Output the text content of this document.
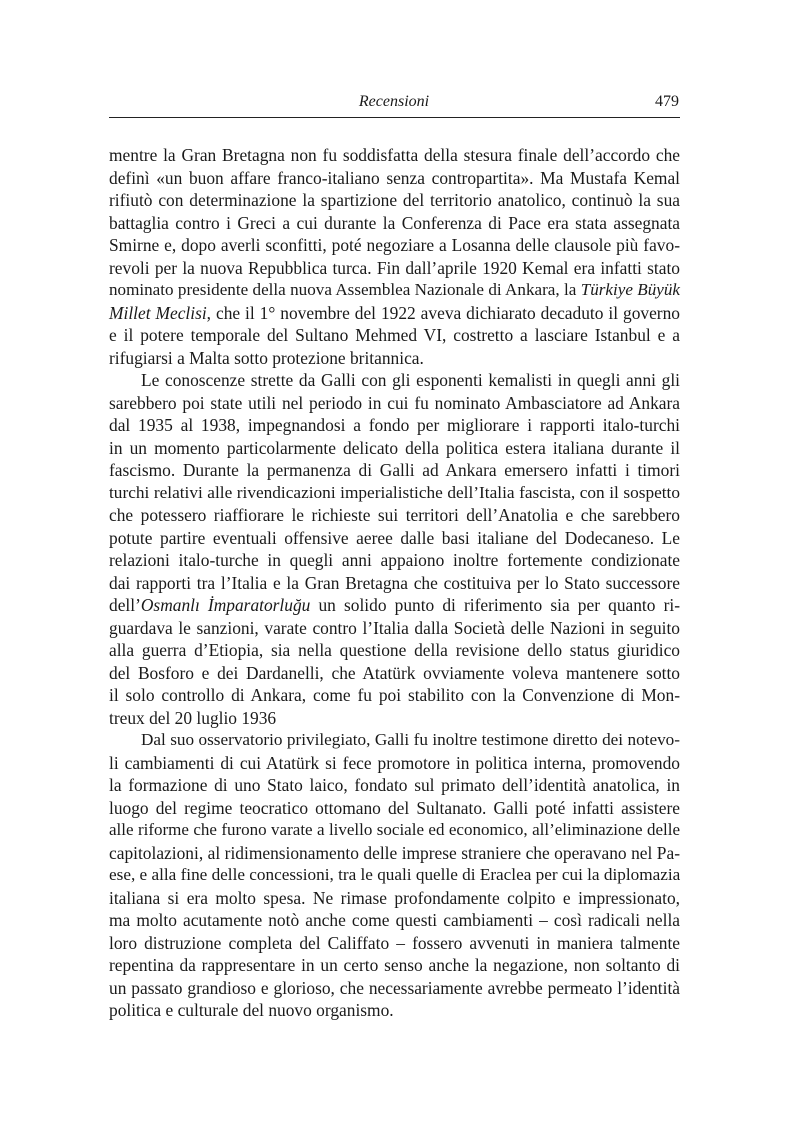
Recensioni	479

mentre la Gran Bretagna non fu soddisfatta della stesura finale dell’accordo che
definì «un buon affare franco-italiano senza contropartita». Ma Mustafa Kemal
rifiutò con determinazione la spartizione del territorio anatolico, continuò la sua
battaglia contro i Greci a cui durante la Conferenza di Pace era stata assegnata
Smirne e, dopo averli sconfitti, poté negoziare a Losanna delle clausole più favo-
revoli per la nuova Repubblica turca. Fin dall’aprile 1920 Kemal era infatti stato
nominato presidente della nuova Assemblea Nazionale di Ankara, la Türkiye Büyük
Millet Meclisi, che il 1° novembre del 1922 aveva dichiarato decaduto il governo
e il potere temporale del Sultano Mehmed VI, costretto a lasciare Istanbul e a
rifugiarsi a Malta sotto protezione britannica.

Le conoscenze strette da Galli con gli esponenti kemalisti in quegli anni gli
sarebbero poi state utili nel periodo in cui fu nominato Ambasciatore ad Ankara
dal 1935 al 1938, impegnandosi a fondo per migliorare i rapporti italo-turchi
in un momento particolarmente delicato della politica estera italiana durante il
fascismo. Durante la permanenza di Galli ad Ankara emersero infatti i timori
turchi relativi alle rivendicazioni imperialistiche dell’Italia fascista, con il sospetto
che potessero riaffiorare le richieste sui territori dell’Anatolia e che sarebbero
potute partire eventuali offensive aeree dalle basi italiane del Dodecaneso. Le
relazioni italo-turche in quegli anni appaiono inoltre fortemente condizionate
dai rapporti tra l’Italia e la Gran Bretagna che costituiva per lo Stato successore
dell’Osmanlı İmparatorluğu un solido punto di riferimento sia per quanto ri-
guardava le sanzioni, varate contro l’Italia dalla Società delle Nazioni in seguito
alla guerra d’Etiopia, sia nella questione della revisione dello status giuridico
del Bosforo e dei Dardanelli, che Atatürk ovviamente voleva mantenere sotto
il solo controllo di Ankara, come fu poi stabilito con la Convenzione di Mon-
treux del 20 luglio 1936

Dal suo osservatorio privilegiato, Galli fu inoltre testimone diretto dei notevo-
li cambiamenti di cui Atatürk si fece promotore in politica interna, promovendo
la formazione di uno Stato laico, fondato sul primato dell’identità anatolica, in
luogo del regime teocratico ottomano del Sultanato. Galli poté infatti assistere
alle riforme che furono varate a livello sociale ed economico, all’eliminazione delle
capitolazioni, al ridimensionamento delle imprese straniere che operavano nel Pa-
ese, e alla fine delle concessioni, tra le quali quelle di Eraclea per cui la diplomazia
italiana si era molto spesa. Ne rimase profondamente colpito e impressionato,
ma molto acutamente notò anche come questi cambiamenti – così radicali nella
loro distruzione completa del Califfato – fossero avvenuti in maniera talmente
repentina da rappresentare in un certo senso anche la negazione, non soltanto di
un passato grandioso e glorioso, che necessariamente avrebbe permeato l’identità
politica e culturale del nuovo organismo.
